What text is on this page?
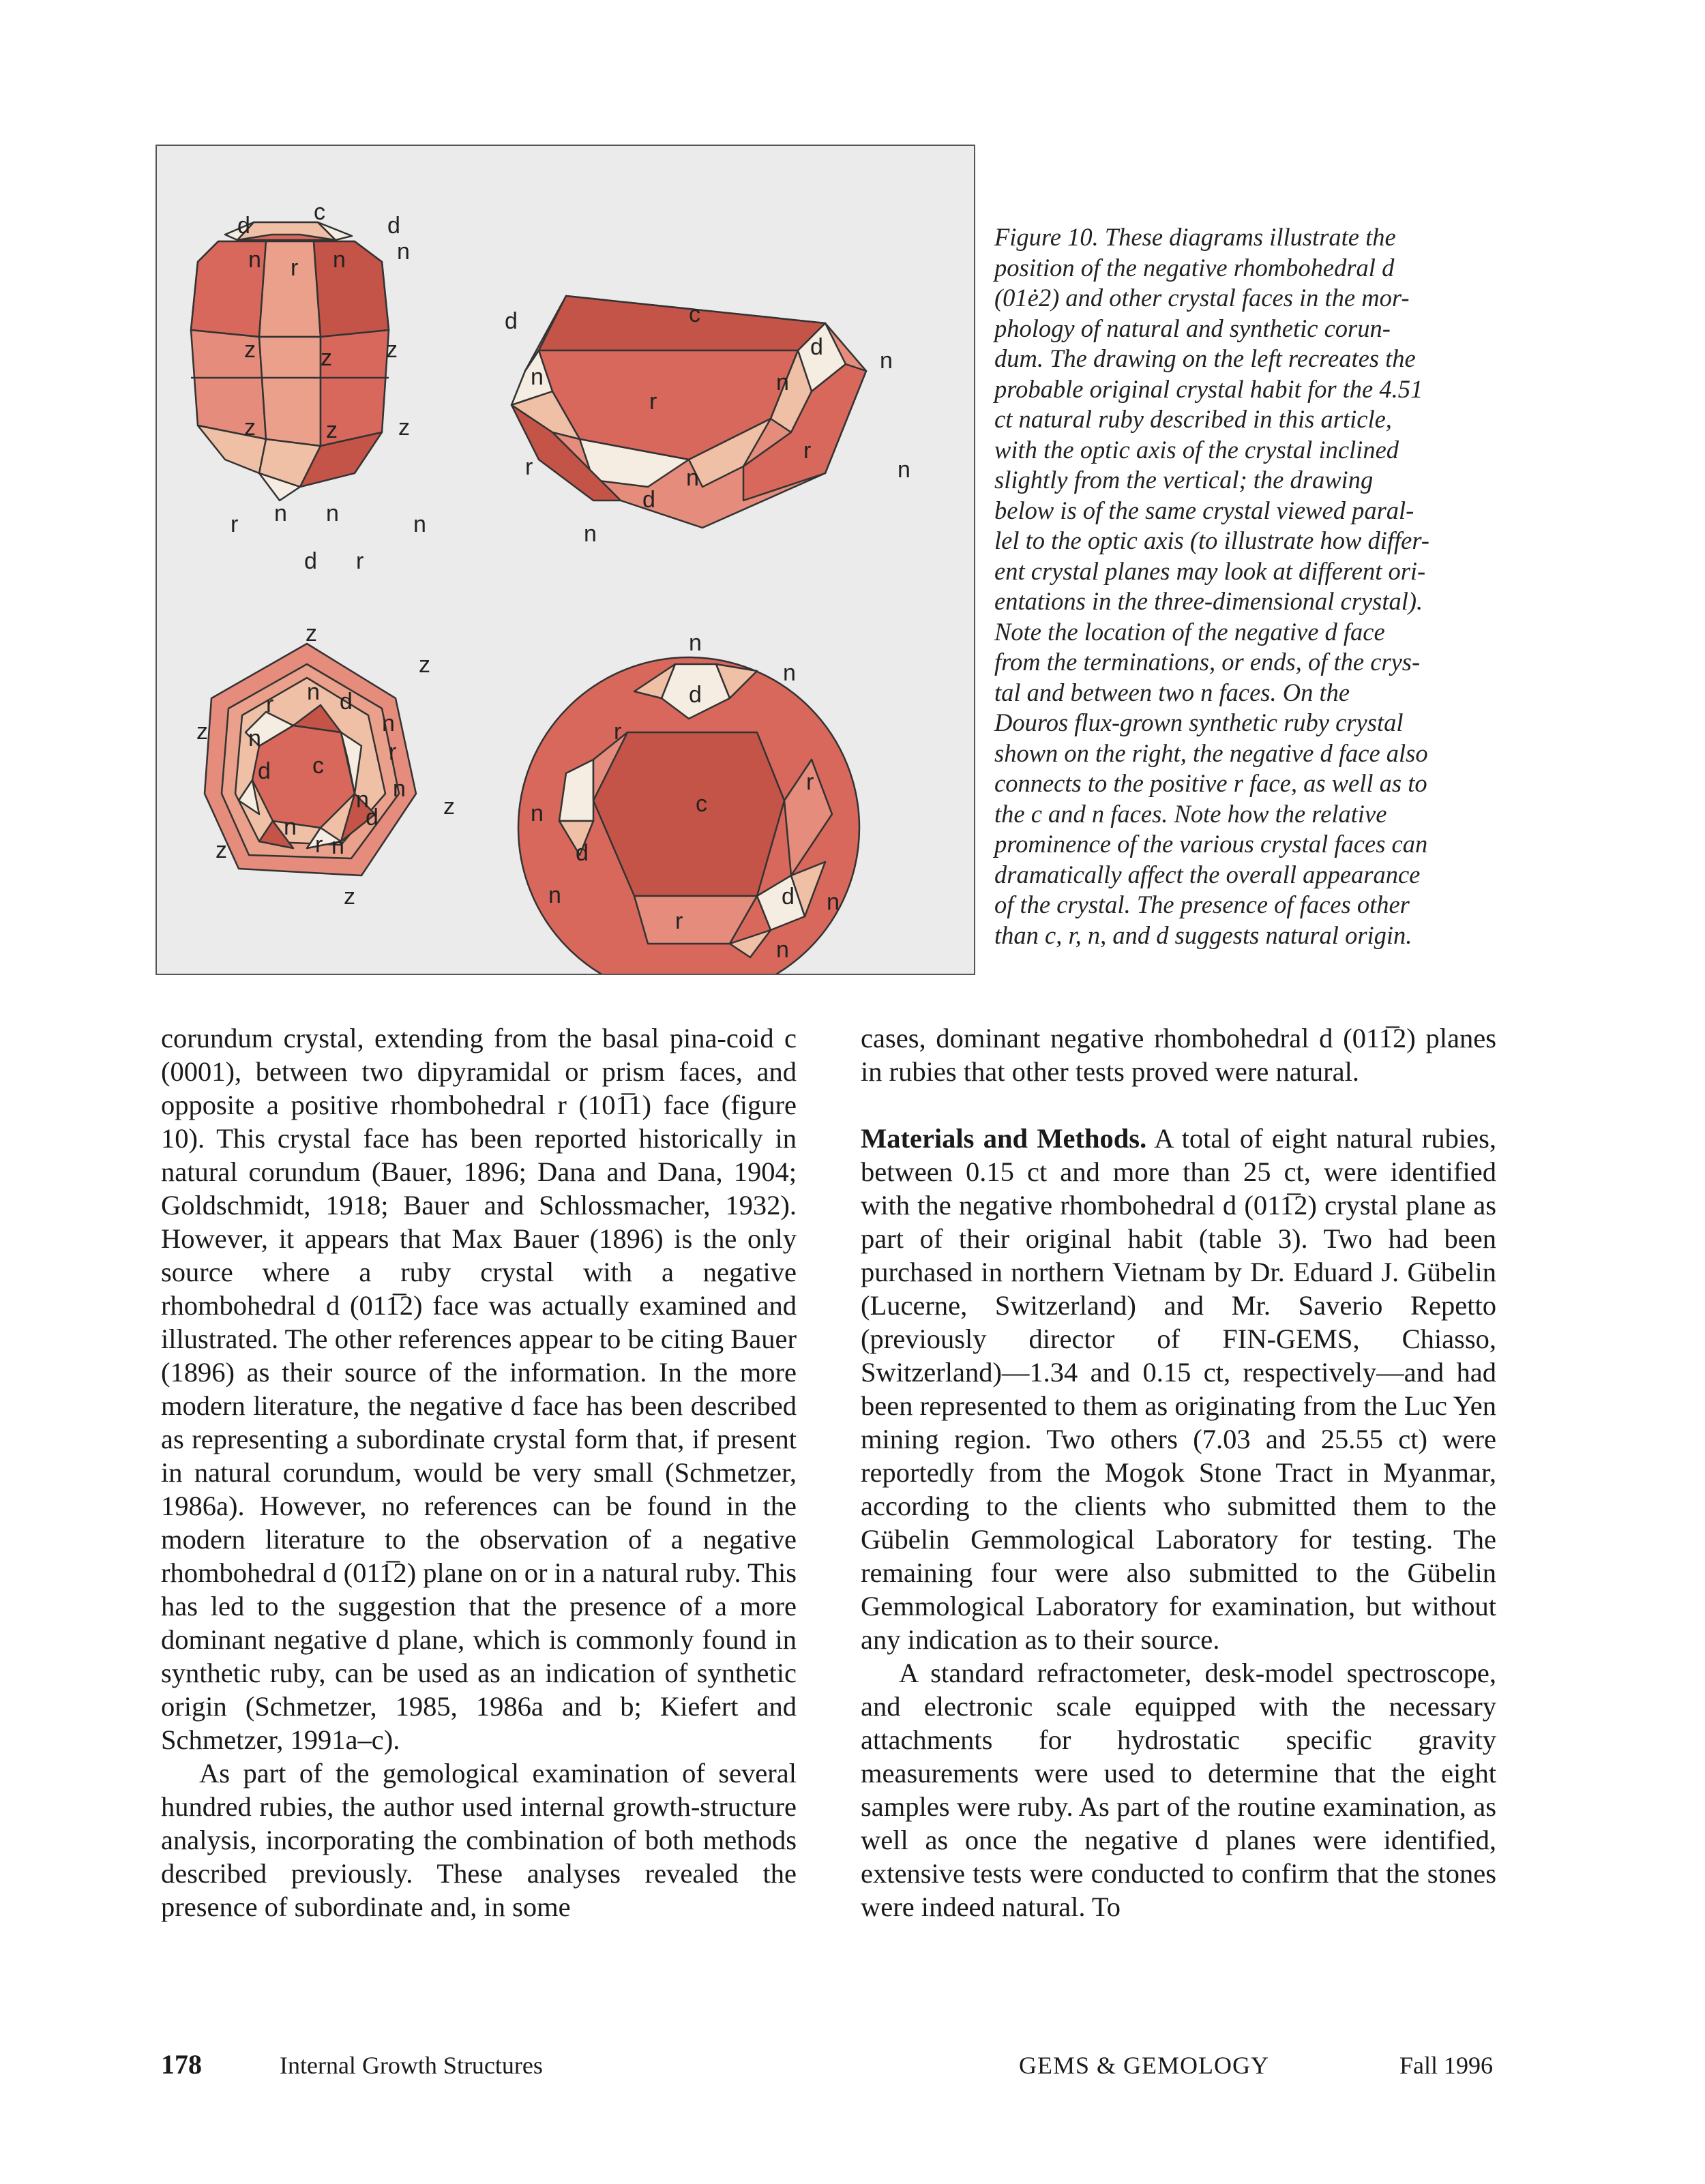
c
d	d
n	n
r
n
z	z z
z	z	z
r n n	n
d r
c
d
n
d
n
r
r
n
d
n
r
n
n
z
z
z
z
z
z
r n d
n
n
d c
r
n
d
r
n
n
n
n
n
d
r
c
r
n
d
d n
r
n
n
Figure 10. These diagrams illustrate the
position of the negative rhombohedral d
(01ė2) and other crystal faces in the mor-
phology of natural and synthetic corun-
dum. The drawing on the left recreates the
probable original crystal habit for the 4.51
ct natural ruby described in this article,
with the optic axis of the crystal inclined
slightly from the vertical; the drawing
below is of the same crystal viewed paral-
lel to the optic axis (to illustrate how differ-
ent crystal planes may look at different ori-
entations in the three-dimensional crystal).
Note the location of the negative d face
from the terminations, or ends, of the crys-
tal and between two n faces. On the
Douros flux-grown synthetic ruby crystal
shown on the right, the negative d face also
connects to the positive r face, as well as to
the c and n faces. Note how the relative
prominence of the various crystal faces can
dramatically affect the overall appearance
of the crystal. The presence of faces other
than c, r, n, and d suggests natural origin.

corundum crystal, extending from the basal pina-coid c (0001), between two dipyramidal or prism faces, and opposite a positive rhombohedral r (101̅1) face (figure 10). This crystal face has been reported historically in natural corundum (Bauer, 1896; Dana and Dana, 1904; Goldschmidt, 1918; Bauer and Schlossmacher, 1932). However, it appears that Max Bauer (1896) is the only source where a ruby crystal with a negative rhombohedral d (011̅2) face was actually examined and illustrated. The other references appear to be citing Bauer (1896) as their source of the information. In the more modern literature, the negative d face has been described as representing a subordinate crystal form that, if present in natural corundum, would be very small (Schmetzer, 1986a). However, no references can be found in the modern literature to the observation of a negative rhombohedral d (011̅2) plane on or in a natural ruby. This has led to the suggestion that the presence of a more dominant negative d plane, which is commonly found in synthetic ruby, can be used as an indication of synthetic origin (Schmetzer, 1985, 1986a and b; Kiefert and Schmetzer, 1991a–c).

As part of the gemological examination of several hundred rubies, the author used internal growth-structure analysis, incorporating the combination of both methods described previously. These analyses revealed the presence of subordinate and, in some

cases, dominant negative rhombohedral d (011̅2) planes in rubies that other tests proved were natural.

Materials and Methods. A total of eight natural rubies, between 0.15 ct and more than 25 ct, were identified with the negative rhombohedral d (011̅2) crystal plane as part of their original habit (table 3). Two had been purchased in northern Vietnam by Dr. Eduard J. Gübelin (Lucerne, Switzerland) and Mr. Saverio Repetto (previously director of FIN-GEMS, Chiasso, Switzerland)—1.34 and 0.15 ct, respectively—and had been represented to them as originating from the Luc Yen mining region. Two others (7.03 and 25.55 ct) were reportedly from the Mogok Stone Tract in Myanmar, according to the clients who submitted them to the Gübelin Gemmological Laboratory for testing. The remaining four were also submitted to the Gübelin Gemmological Laboratory for examination, but without any indication as to their source.

A standard refractometer, desk-model spectroscope, and electronic scale equipped with the necessary attachments for hydrostatic specific gravity measurements were used to determine that the eight samples were ruby. As part of the routine examination, as well as once the negative d planes were identified, extensive tests were conducted to confirm that the stones were indeed natural. To

178	Internal Growth Structures	GEMS & GEMOLOGY	Fall 1996
